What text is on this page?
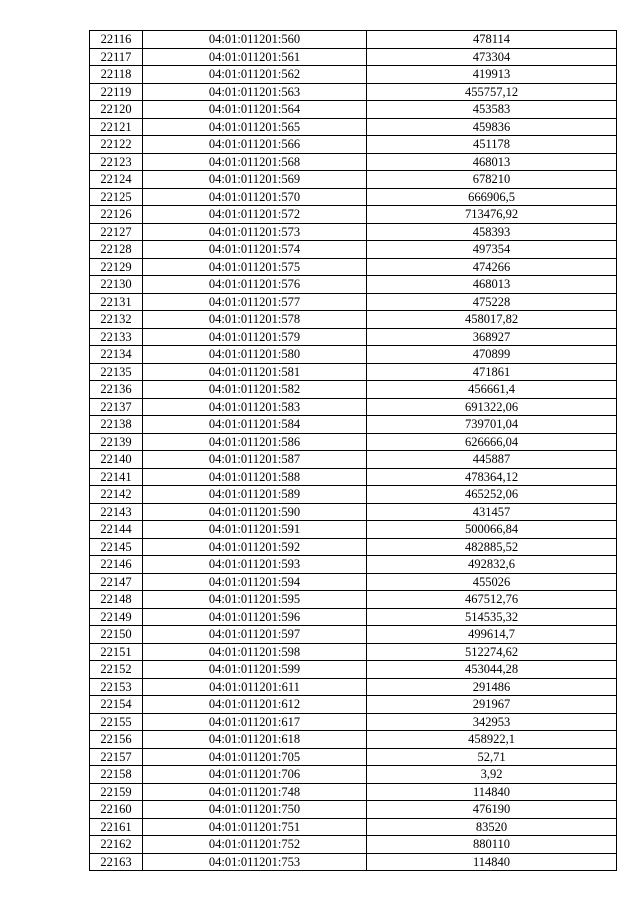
22116	04:01:011201:560	478114
22117	04:01:011201:561	473304
22118	04:01:011201:562	419913
22119	04:01:011201:563	455757,12
22120	04:01:011201:564	453583
22121	04:01:011201:565	459836
22122	04:01:011201:566	451178
22123	04:01:011201:568	468013
22124	04:01:011201:569	678210
22125	04:01:011201:570	666906,5
22126	04:01:011201:572	713476,92
22127	04:01:011201:573	458393
22128	04:01:011201:574	497354
22129	04:01:011201:575	474266
22130	04:01:011201:576	468013
22131	04:01:011201:577	475228
22132	04:01:011201:578	458017,82
22133	04:01:011201:579	368927
22134	04:01:011201:580	470899
22135	04:01:011201:581	471861
22136	04:01:011201:582	456661,4
22137	04:01:011201:583	691322,06
22138	04:01:011201:584	739701,04
22139	04:01:011201:586	626666,04
22140	04:01:011201:587	445887
22141	04:01:011201:588	478364,12
22142	04:01:011201:589	465252,06
22143	04:01:011201:590	431457
22144	04:01:011201:591	500066,84
22145	04:01:011201:592	482885,52
22146	04:01:011201:593	492832,6
22147	04:01:011201:594	455026
22148	04:01:011201:595	467512,76
22149	04:01:011201:596	514535,32
22150	04:01:011201:597	499614,7
22151	04:01:011201:598	512274,62
22152	04:01:011201:599	453044,28
22153	04:01:011201:611	291486
22154	04:01:011201:612	291967
22155	04:01:011201:617	342953
22156	04:01:011201:618	458922,1
22157	04:01:011201:705	52,71
22158	04:01:011201:706	3,92
22159	04:01:011201:748	114840
22160	04:01:011201:750	476190
22161	04:01:011201:751	83520
22162	04:01:011201:752	880110
22163	04:01:011201:753	114840
